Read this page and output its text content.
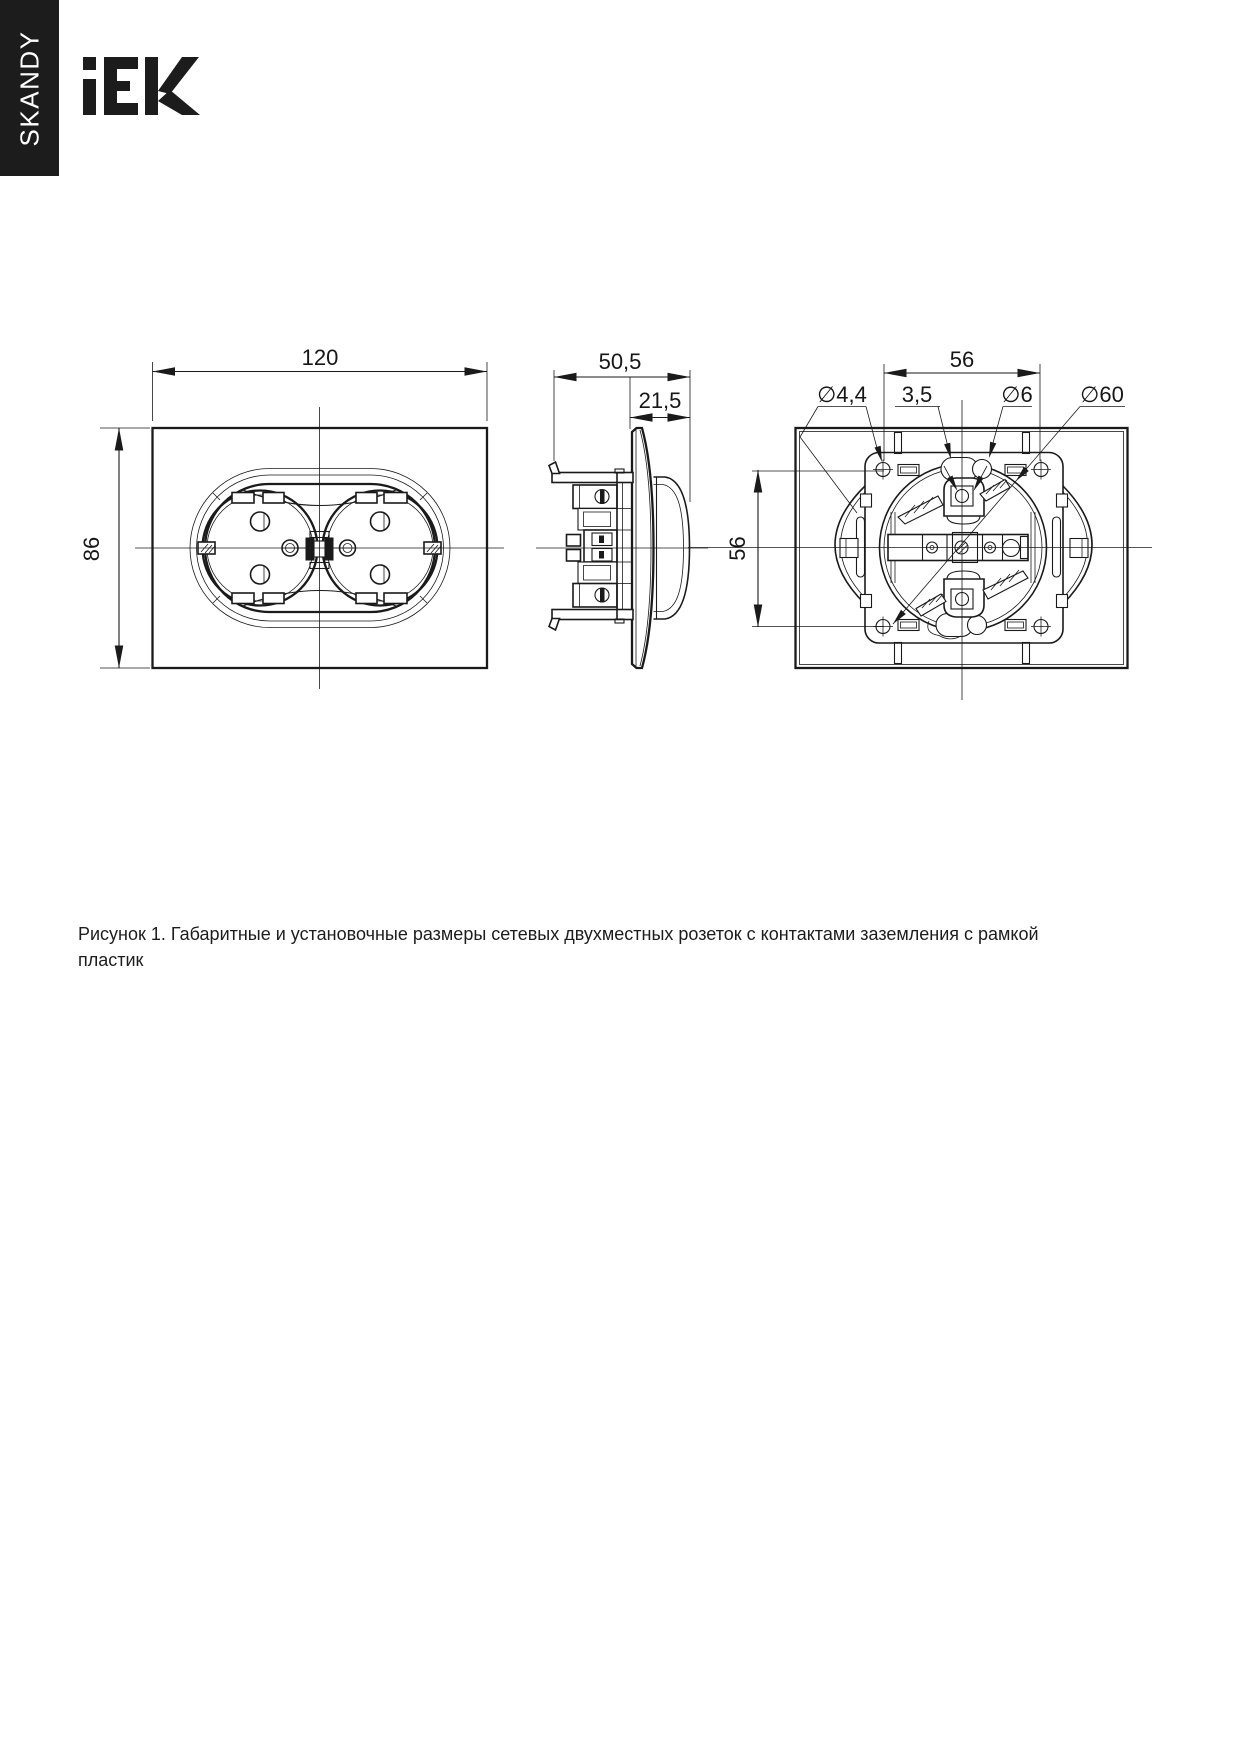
SKANDY
120
86
50,5
21,5
56
56
∅4,4 3,5	∅6 ∅60

Рисунок 1. Габаритные и установочные размеры сетевых двухместных розеток с контактами заземления с рамкой пластик
